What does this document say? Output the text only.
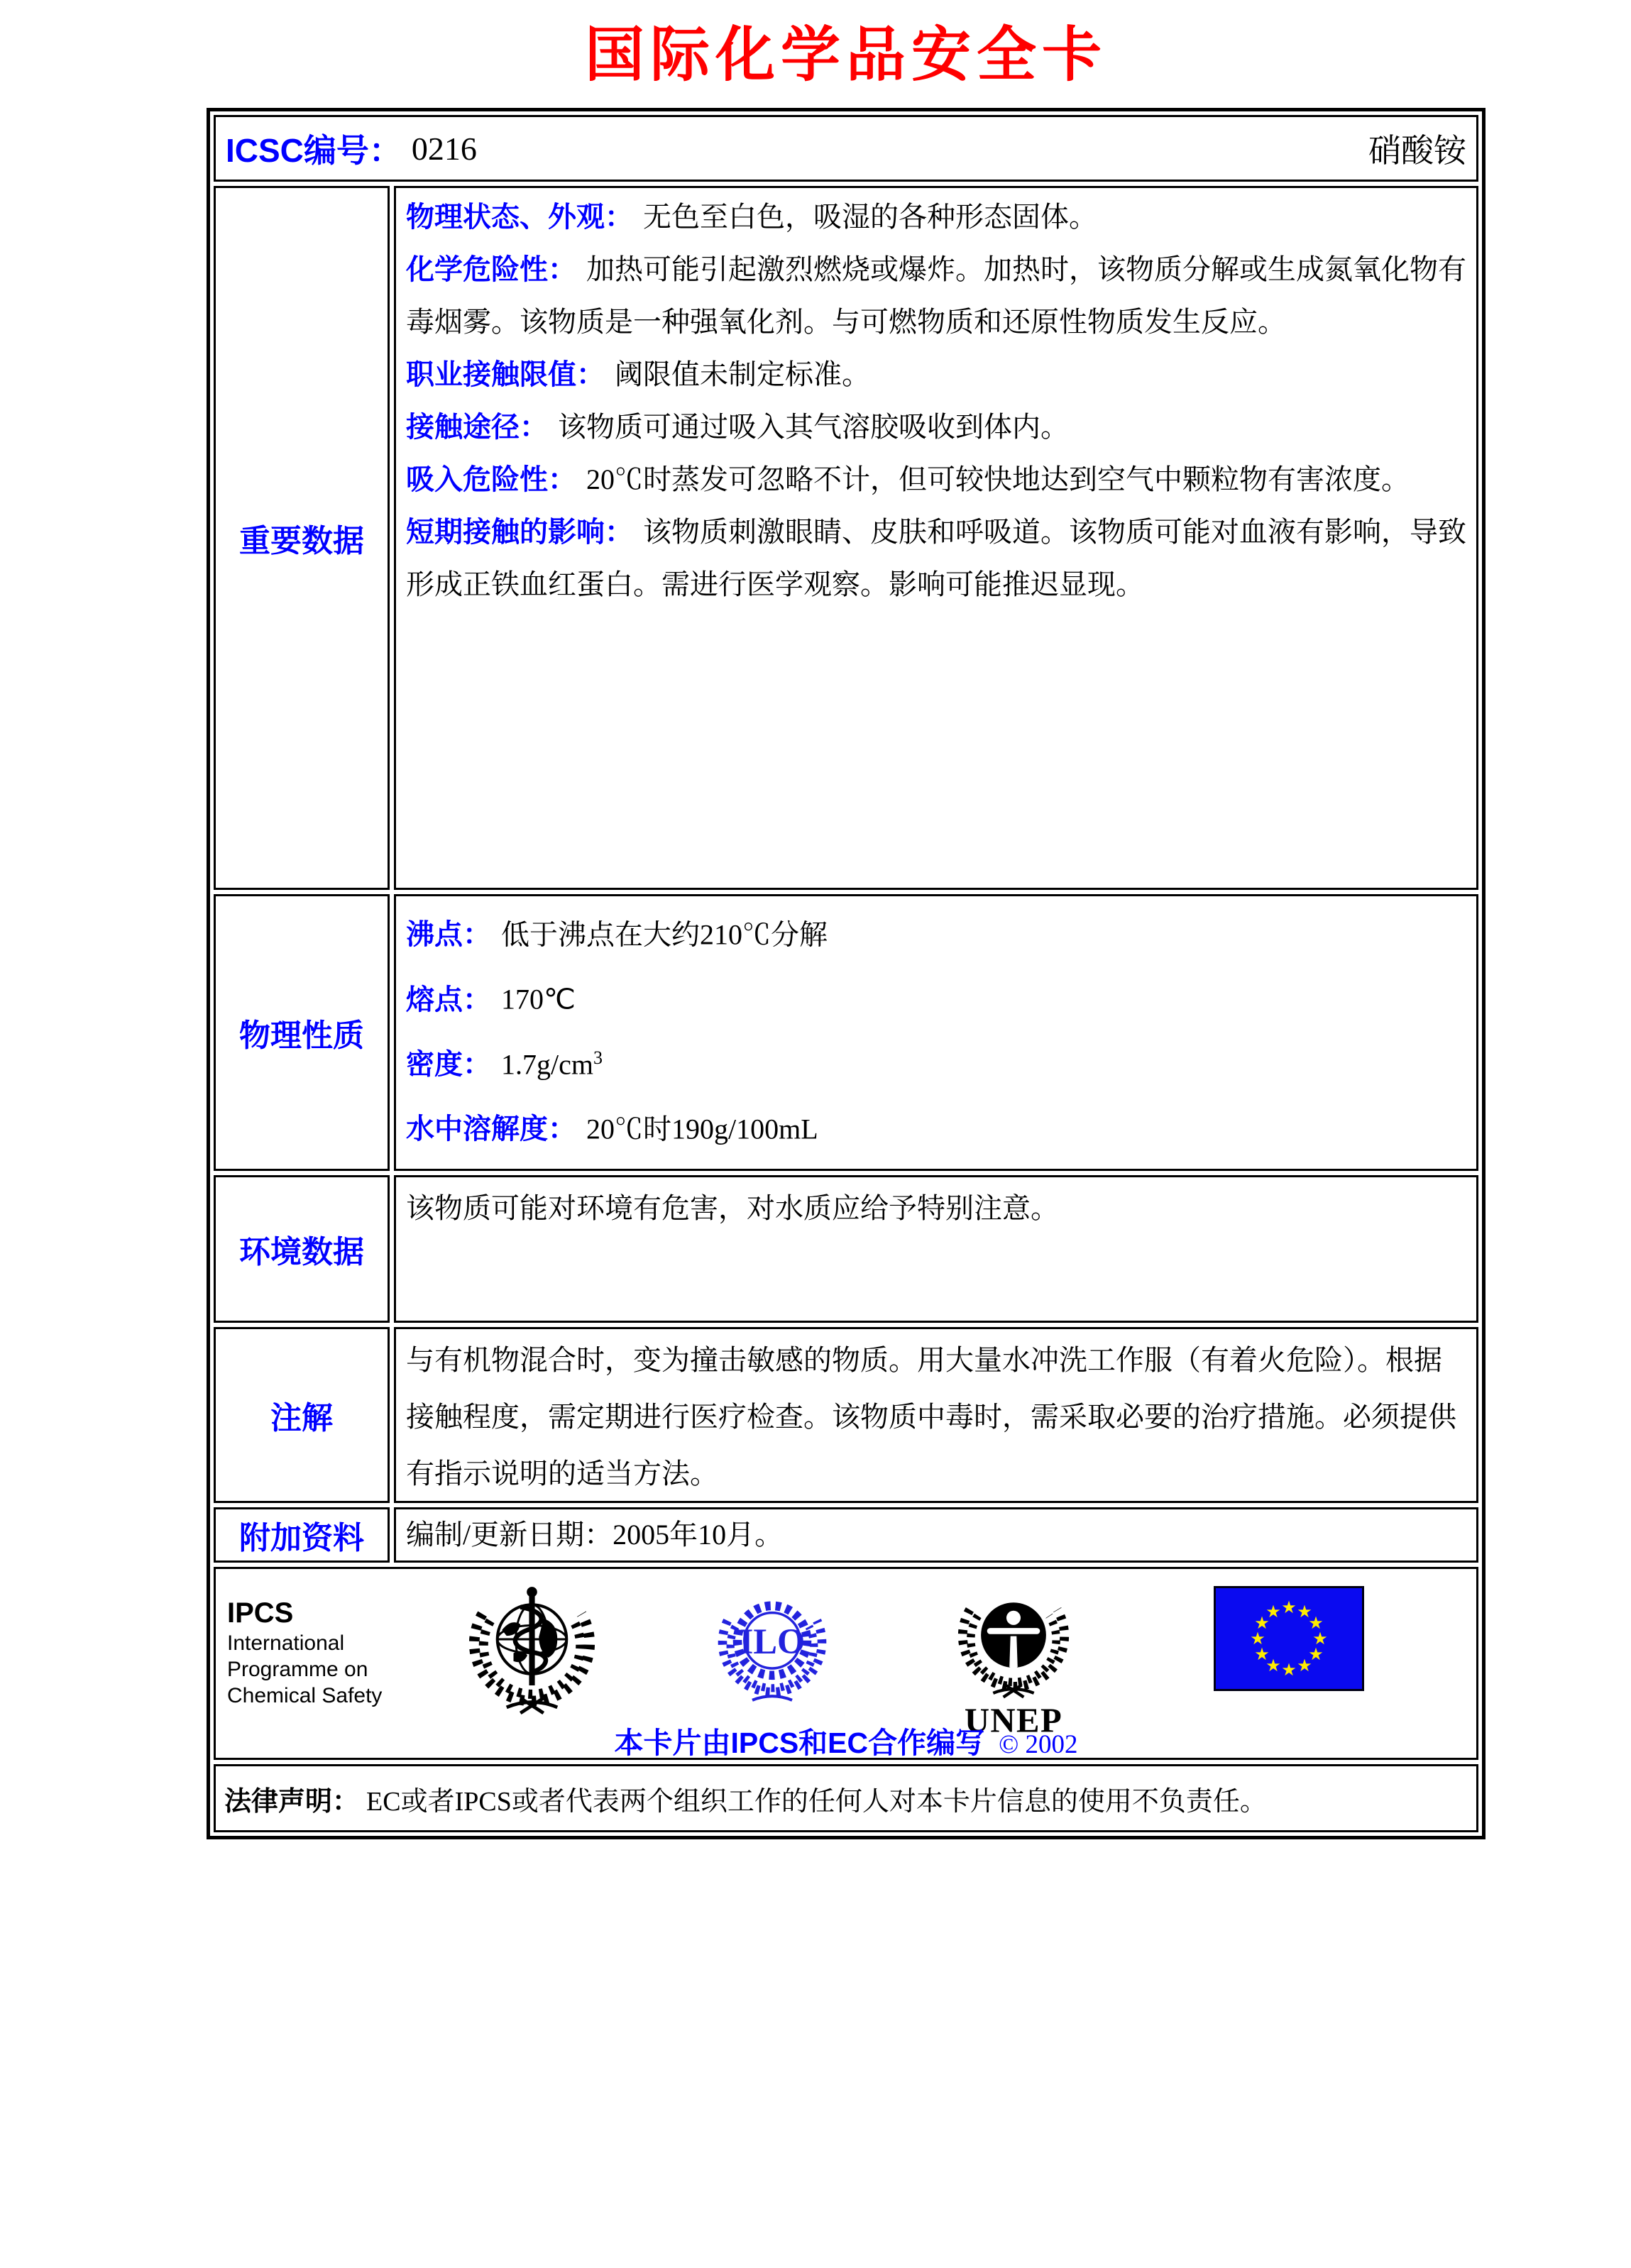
国际化学品安全卡
ICSC编号： 0216	硝酸铵
重要数据

物理状态、外观： 无色至白色，吸湿的各种形态固体。

化学危险性： 加热可能引起激烈燃烧或爆炸。加热时，该物质分解或生成氮氧化物有毒烟雾。该物质是一种强氧化剂。与可燃物质和还原性物质发生反应。

职业接触限值： 阈限值未制定标准。

接触途径： 该物质可通过吸入其气溶胶吸收到体内。

吸入危险性： 20℃时蒸发可忽略不计，但可较快地达到空气中颗粒物有害浓度。

短期接触的影响： 该物质刺激眼睛、皮肤和呼吸道。该物质可能对血液有影响，导致形成正铁血红蛋白。需进行医学观察。影响可能推迟显现。

物理性质

沸点： 低于沸点在大约210℃分解

熔点： 170℃

密度： $1.7g/cm^3$

水中溶解度： 20℃时190g/100mL

环境数据
该物质可能对环境有危害，对水质应给予特别注意。
注解
与有机物混合时，变为撞击敏感的物质。用大量水冲洗工作服（有着火危险）。根据接触程度，需定期进行医疗检查。该物质中毒时，需采取必要的治疗措施。必须提供有指示说明的适当方法。
附加资料	编制/更新日期：2005年10月。
IPCS
International
Programme on
Chemical Safety
ILO
UNEP
★ ★
★
★
★
★
★
★
★
★
★
★
本卡片由IPCS和EC合作编写 © 2002
法律声明： EC或者IPCS或者代表两个组织工作的任何人对本卡片信息的使用不负责任。
